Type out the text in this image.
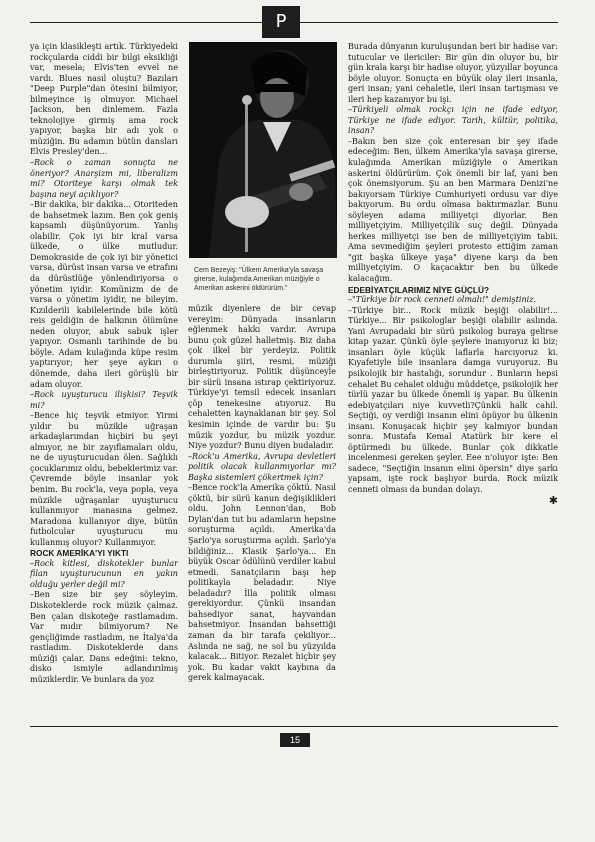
P
Cem Bezeyiş: "Ülkem Amerika'yla savaşa girerse, kulağımda Amerikan müziğiyle o Amerikan askerini öldürürüm."

ya için klasikleşti artık. Türkiyedeki rockçularda ciddi bir bilgi eksikliği var, mesela; Elvis'ten evvel ne vardı. Blues nasıl oluştu? Bazıları "Deep Purple"dan ötesini bilmiyor, bilmeyince iş olmuyor. Michael Jackson, ben dinlemem. Fazla teknolojiye girmiş ama rock yapıyor, başka bir adı yok o müziğin. Bu adamın bütün dansları Elvis Presley'den...

–Rock o zaman sonuçta ne öneriyor? Anarşizm mi, liberalizm mi? Otoriteye karşı olmak tek başına neyi açıklıyor?

–Bir dakika, bir dakika... Otoriteden de bahsetmek lazım. Ben çok geniş kapsamlı düşünüyorum. Yanlış olabilir. Çok iyi bir kral varsa ülkede, o ülke mutludur. Demokraside de çok iyi bir yönetici varsa, dürüst insan varsa ve etrafını da dürüstlüğe yönlendiriyorsa o yönetim iyidir. Komünizm de de varsa o yönetim iyidir, ne bileyim. Kızılderili kabilelerinde bile kötü reis geldiğin de halkının ölümüne neden oluyor, abuk sabuk işler yapıyor. Osmanlı tarihinde de bu böyle. Adam kulağında küpe resim yaptırıyor; her şeye aykırı o dönemde, daha ileri görüşlü bir adam oluyor.

–Rock uyuşturucu ilişkisi? Teşvik mi?

–Bence hiç teşvik etmiyor. Yirmi yıldır bu müzikle uğraşan arkadaşlarımdan hiçbiri bu şeyi almıyor, ne bir zayıflamaları oldu, ne de uyuşturucudan ölen. Sağlıklı çocuklarımız oldu, bebeklerimiz var. Çevremde böyle insanlar yok benim. Bu rock'la, veya popla, veya müzikle uğraşanlar uyuşturucu kullanmıyor manasına gelmez. Maradona kullanıyor diye, bütün futbolcular uyuşturucu mu kullanmış oluyor? Kullanmıyor.

ROCK AMERİKA'YI YIKTI

–Rock kitlesi, diskotekler bunlar filan uyuşturucunun en yakın olduğu yerler değil mi?

–Ben size bir şey söyleyim. Diskoteklerde rock müzik çalmaz. Ben çalan diskoteğe rastlamadım. Var mıdır bilmiyorum? Ne gençliğimde rastladım, ne İtalya'da rastladım. Diskoteklerde dans müziği çalar. Dans edeğini: tekno, disko ismiyle adlandırılmış müziklerdir. Ve bunlara da yoz

müzik diyenlere de bir cevap vereyim: Dünyada insanların eğlenmek hakkı vardır. Avrupa bunu çok güzel halletmiş. Biz daha çok ilkel bir yerdeyiz. Politik durumla şiiri, resmi, müziği birleştiriyoruz. Politik düşünceyle bir sürü insana ıstırap çektiriyoruz. Türkiye'yi temsil edecek insanları çöp tenekesine atıyoruz. Bu cehaletten kaynaklanan bir şey. Sol kesimin içinde de vardır bu: Şu müzik yozdur, bu müzik yozdur. Niye yozdur? Bunu diyen budaladır.

–Rock'u Amerika, Avrupa devletleri politik olacak kullanmıyorlar mı? Başka sistemleri çökertmek için?

–Bence rock'la Amerika çöktü. Nasıl çöktü, bir sürü kanun değişiklikleri oldu. John Lennon'dan, Bob Dylan'dan tut bu adamların hepsine soruşturma açıldı. Amerika'da Şarlo'ya soruşturma açıldı. Şarlo'ya bildiğiniz... Klasik Şarlo'ya... En büyük Oscar ödülünü verdiler kabul etmedi. Sanatçıların başı hep politikayla beladadır. Niye beladadır? İlla politik olması gerekiyordur. Çünkü insandan bahsediyor sanat, hayvandan bahsetmiyor. İnsandan bahsettiği zaman da bir tarafa çekiliyor... Aslında ne sağ, ne sol bu yüzyılda kalacak... Bitiyor. Rezalet hiçbir şey yok. Bu kadar vakit kaybına da gerek kalmayacak.

Burada dünyanın kuruluşundan beri bir hadise var: tutucular ve ilericiler: Bir gün din oluyor bu, bir gün krala karşı bir hadise oluyor, yüzyıllar boyunca böyle oluyor. Sonuçta en büyük olay ileri insanla, geri insan; yani cehaletle, ileri insan tartışması ve ileri hep kazanıyor bu işi.

–Türkiyeli olmak rockçı için ne ifade ediyor, Türkiye ne ifade ediyor. Tarih, kültür, politika, insan?

–Bakın ben size çok enteresan bir şey ifade edeceğim: Ben, ülkem Amerika'yla savaşa girerse, kulağımda Amerikan müziğiyle o Amerikan askerini öldürürüm. Çok önemli bir laf, yani ben çok önemsiyorum. Şu an ben Marmara Denizi'ne bakıyorsam Türkiye Cumhuriyeti ordusu var diye bakıyorum. Bu ordu olmasa baktırmazlar. Bunu söyleyen adama milliyetçi diyorlar. Ben milliyetçiyim. Milliyetçilik suç değil. Dünyada herkes milliyetçi ise ben de milliyetçiyim tabii. Ama sevmediğim şeyleri protesto ettiğim zaman "git başka ülkeye yaşa" diyene karşı da ben milliyetçiyim. O kaçacaktır ben bu ülkede kalacağım.

EDEBİYATÇILARIMIZ NİYE GÜÇLÜ?

–"Türkiye bir rock cenneti olmalı!" demiştiniz.

–Türkiye bir... Rock müzik beşiği olabilir!... Türkiye... Bir psikologlar beşiği olabilir aslında. Yani Avrupadaki bir sürü psikolog buraya gelirse kitap yazar. Çünkü öyle şeylere inanıyoruz ki biz; insanları öyle küçük laflarla harcıyoruz ki. Kıyafetiyle bile insanlara damga vuruyoruz. Bu psikolojik bir hastalığı, sorundur . Bunların hepsi cehalet Bu cehalet olduğu müddetçe, psikolojik her türlü yazar bu ülkede önemli iş yapar. Bu ülkenin edebiyatçıları niye kuvvetli?Çünkü halk cahil. Seçtiği, oy verdiği insanın elini öpüyor bu ülkenin insanı. Konuşacak hiçbir şey kalmıyor bundan sonra. Mustafa Kemal Atatürk bir kere el öptürmedi bu ülkede. Bunlar çok dikkatle incelenmesi gereken şeyler. Eee n'oluyor işte: Ben sadece, "Seçtiğin insanın elini öpersin" diye şarkı yapsam, işte rock başlıyor burda. Rock müzik cenneti olması da bundan dolayı.

✱

15
